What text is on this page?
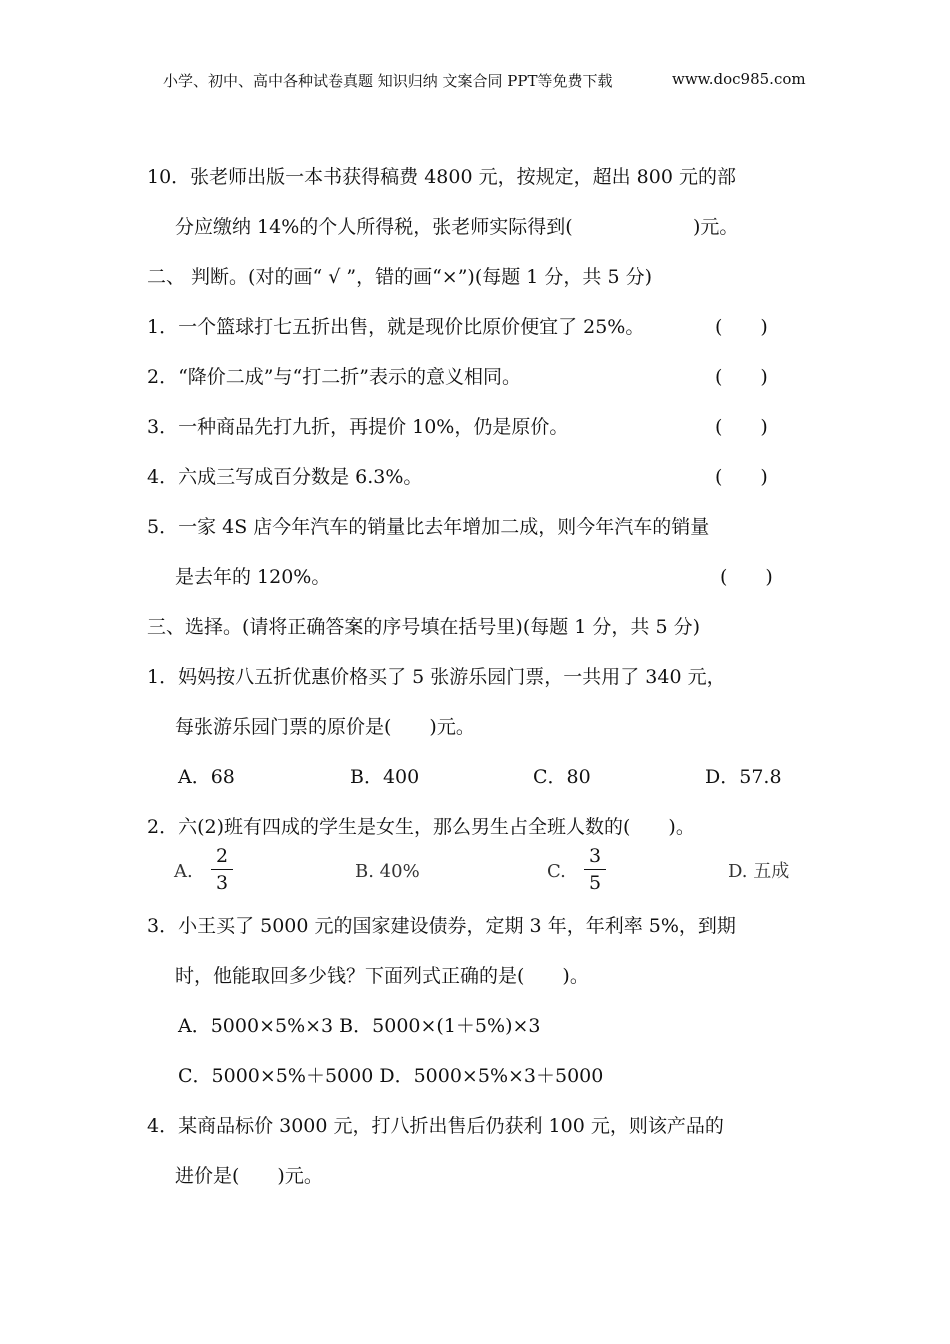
小学、初中、高中各种试卷真题 知识归纳 文案合同 PPT等免费下载	www.doc985.com
10．张老师出版一本书获得稿费 4800 元，按规定，超出 800 元的部
分应缴纳 14%的个人所得税，张老师实际得到(	)元。
二、 判断。(对的画“ √ ”，错的画“×”)(每题 1 分，共 5 分)
1．一个篮球打七五折出售，就是现价比原价便宜了 25%。	(　　)
2．“降价二成”与“打二折”表示的意义相同。	(　　)
3．一种商品先打九折，再提价 10%，仍是原价。	(　　)
4．六成三写成百分数是 6.3%。	(　　)
5．一家 4S 店今年汽车的销量比去年增加二成，则今年汽车的销量
是去年的 120%。	(　　)
三、选择。(请将正确答案的序号填在括号里)(每题 1 分，共 5 分)
1．妈妈按八五折优惠价格买了 5 张游乐园门票，一共用了 340 元，
每张游乐园门票的原价是(　　)元。
A．68	B．400	C．80	D．57.8
2．六(2)班有四成的学生是女生，那么男生占全班人数的(　　)。
A.
2
3
B. 40%	C.
3
5
D. 五成
3．小王买了 5000 元的国家建设债券，定期 3 年，年利率 5%，到期
时，他能取回多少钱？下面列式正确的是(　　)。
A．5000×5%×3 B．5000×(1＋5%)×3
C．5000×5%＋5000 D．5000×5%×3＋5000
4．某商品标价 3000 元，打八折出售后仍获利 100 元，则该产品的
进价是(　　)元。
